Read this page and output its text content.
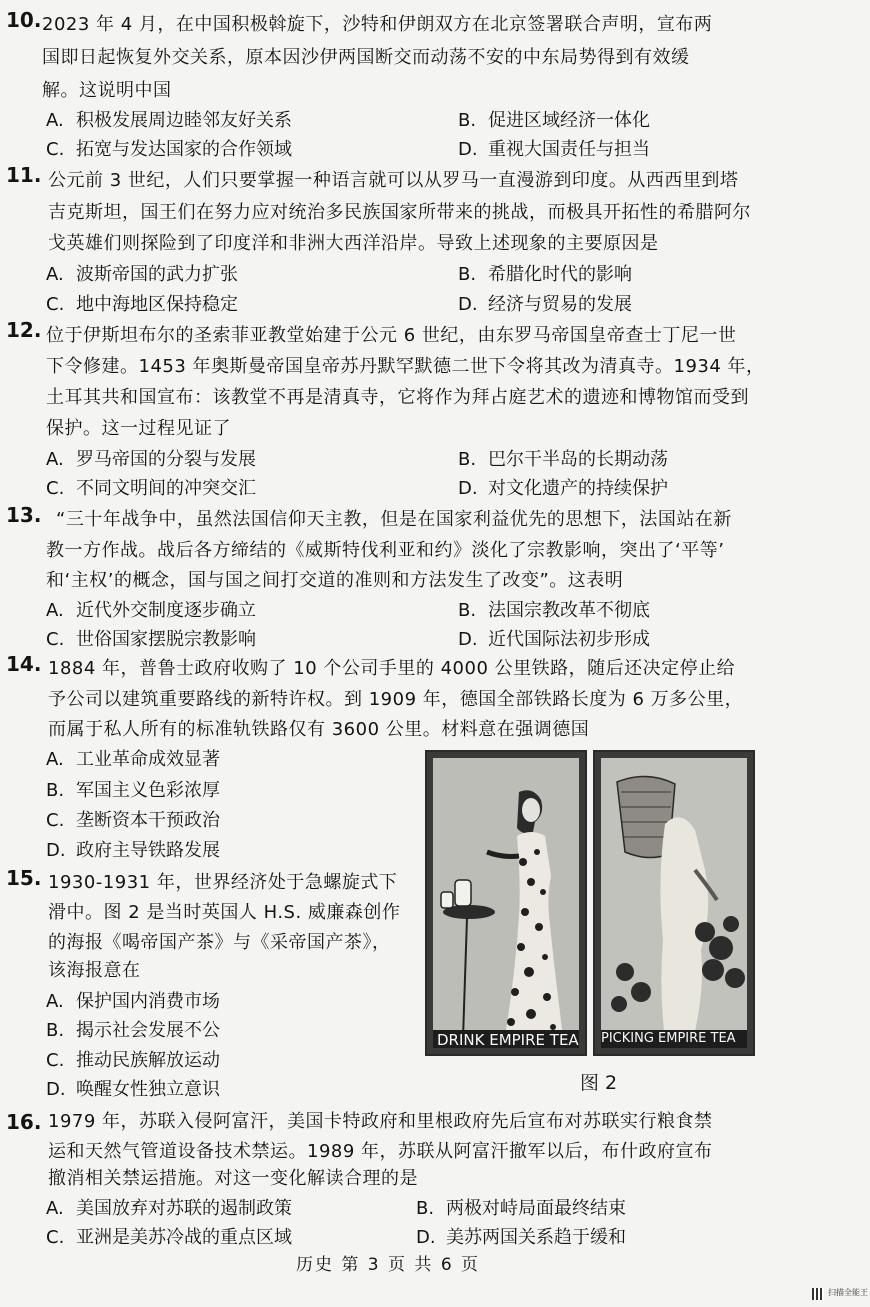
10. 2023 年 4 月，在中国积极斡旋下，沙特和伊朗双方在北京签署联合声明，宣布两
国即日起恢复外交关系，原本因沙伊两国断交而动荡不安的中东局势得到有效缓
解。这说明中国
A. 积极发展周边睦邻友好关系	B. 促进区域经济一体化
C. 拓宽与发达国家的合作领域	D. 重视大国责任与担当
11. 公元前 3 世纪，人们只要掌握一种语言就可以从罗马一直漫游到印度。从西西里到塔
吉克斯坦，国王们在努力应对统治多民族国家所带来的挑战，而极具开拓性的希腊阿尔
戈英雄们则探险到了印度洋和非洲大西洋沿岸。导致上述现象的主要原因是
A. 波斯帝国的武力扩张	B. 希腊化时代的影响
C. 地中海地区保持稳定	D. 经济与贸易的发展
12. 位于伊斯坦布尔的圣索菲亚教堂始建于公元 6 世纪，由东罗马帝国皇帝查士丁尼一世
下令修建。1453 年奥斯曼帝国皇帝苏丹默罕默德二世下令将其改为清真寺。1934 年，
土耳其共和国宣布：该教堂不再是清真寺，它将作为拜占庭艺术的遗迹和博物馆而受到
保护。这一过程见证了
A. 罗马帝国的分裂与发展	B. 巴尔干半岛的长期动荡
C. 不同文明间的冲突交汇	D. 对文化遗产的持续保护
13. “三十年战争中，虽然法国信仰天主教，但是在国家利益优先的思想下，法国站在新
教一方作战。战后各方缔结的《威斯特伐利亚和约》淡化了宗教影响，突出了‘平等’
和‘主权’的概念，国与国之间打交道的准则和方法发生了改变”。这表明
A. 近代外交制度逐步确立	B. 法国宗教改革不彻底
C. 世俗国家摆脱宗教影响	D. 近代国际法初步形成
14. 1884 年，普鲁士政府收购了 10 个公司手里的 4000 公里铁路，随后还决定停止给
予公司以建筑重要路线的新特许权。到 1909 年，德国全部铁路长度为 6 万多公里，
而属于私人所有的标准轨铁路仅有 3600 公里。材料意在强调德国
A. 工业革命成效显著
B. 军国主义色彩浓厚
C. 垄断资本干预政治
D. 政府主导铁路发展
15. 1930-1931 年，世界经济处于急螺旋式下
滑中。图 2 是当时英国人 H.S. 威廉森创作
的海报《喝帝国产茶》与《采帝国产茶》，
该海报意在
A. 保护国内消费市场
B. 揭示社会发展不公
C. 推动民族解放运动
D. 唤醒女性独立意识
DRINK EMPIRE TEA PICKING EMPIRE TEA
图 2
16. 1979 年，苏联入侵阿富汗，美国卡特政府和里根政府先后宣布对苏联实行粮食禁
运和天然气管道设备技术禁运。1989 年，苏联从阿富汗撤军以后，布什政府宣布
撤消相关禁运措施。对这一变化解读合理的是
A. 美国放弃对苏联的遏制政策	B. 两极对峙局面最终结束
C. 亚洲是美苏冷战的重点区域	D. 美苏两国关系趋于缓和
历史 第 3 页 共 6 页
扫描全能王
